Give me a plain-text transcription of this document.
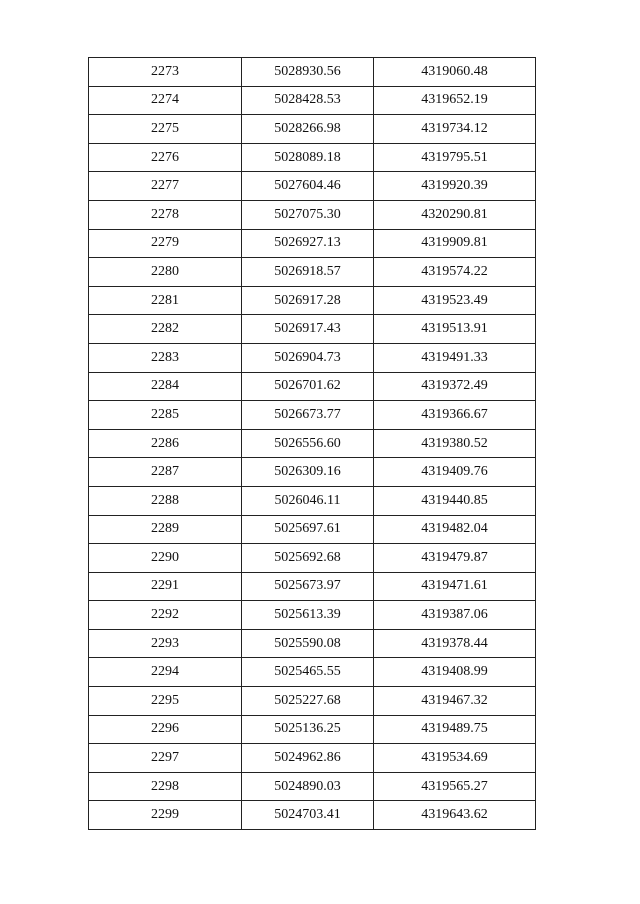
2273	5028930.56	4319060.48
2274	5028428.53	4319652.19
2275	5028266.98	4319734.12
2276	5028089.18	4319795.51
2277	5027604.46	4319920.39
2278	5027075.30	4320290.81
2279	5026927.13	4319909.81
2280	5026918.57	4319574.22
2281	5026917.28	4319523.49
2282	5026917.43	4319513.91
2283	5026904.73	4319491.33
2284	5026701.62	4319372.49
2285	5026673.77	4319366.67
2286	5026556.60	4319380.52
2287	5026309.16	4319409.76
2288	5026046.11	4319440.85
2289	5025697.61	4319482.04
2290	5025692.68	4319479.87
2291	5025673.97	4319471.61
2292	5025613.39	4319387.06
2293	5025590.08	4319378.44
2294	5025465.55	4319408.99
2295	5025227.68	4319467.32
2296	5025136.25	4319489.75
2297	5024962.86	4319534.69
2298	5024890.03	4319565.27
2299	5024703.41	4319643.62
